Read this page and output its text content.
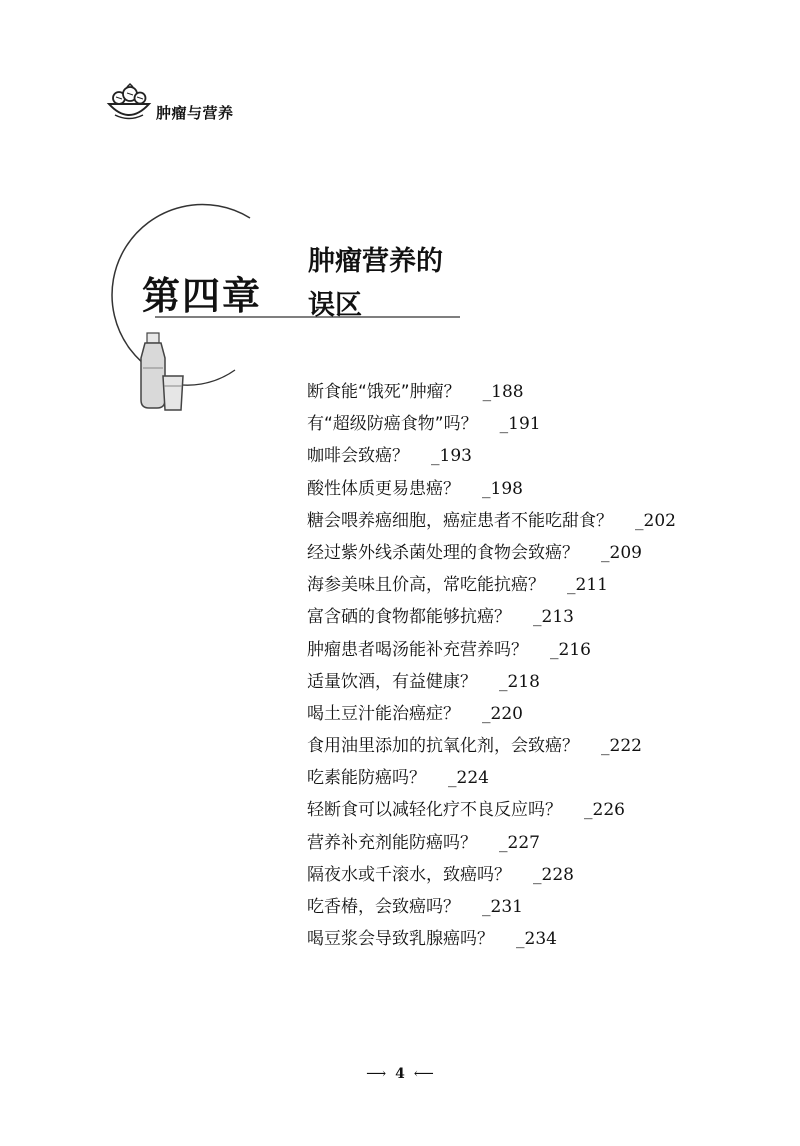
肿瘤与营养
第四章
肿瘤营养的
误区
断食能“饿死”肿瘤？ _188
有“超级防癌食物”吗？ _191
咖啡会致癌？ _193
酸性体质更易患癌？ _198
糖会喂养癌细胞，癌症患者不能吃甜食？ _202
经过紫外线杀菌处理的食物会致癌？ _209
海参美味且价高，常吃能抗癌？ _211
富含硒的食物都能够抗癌？ _213
肿瘤患者喝汤能补充营养吗？ _216
适量饮酒，有益健康？ _218
喝土豆汁能治癌症？ _220
食用油里添加的抗氧化剂，会致癌？ _222
吃素能防癌吗？ _224
轻断食可以减轻化疗不良反应吗？ _226
营养补充剂能防癌吗？ _227
隔夜水或千滚水，致癌吗？ _228
吃香椿，会致癌吗？ _231
喝豆浆会导致乳腺癌吗？ _234
⟶ 4 ⟵
